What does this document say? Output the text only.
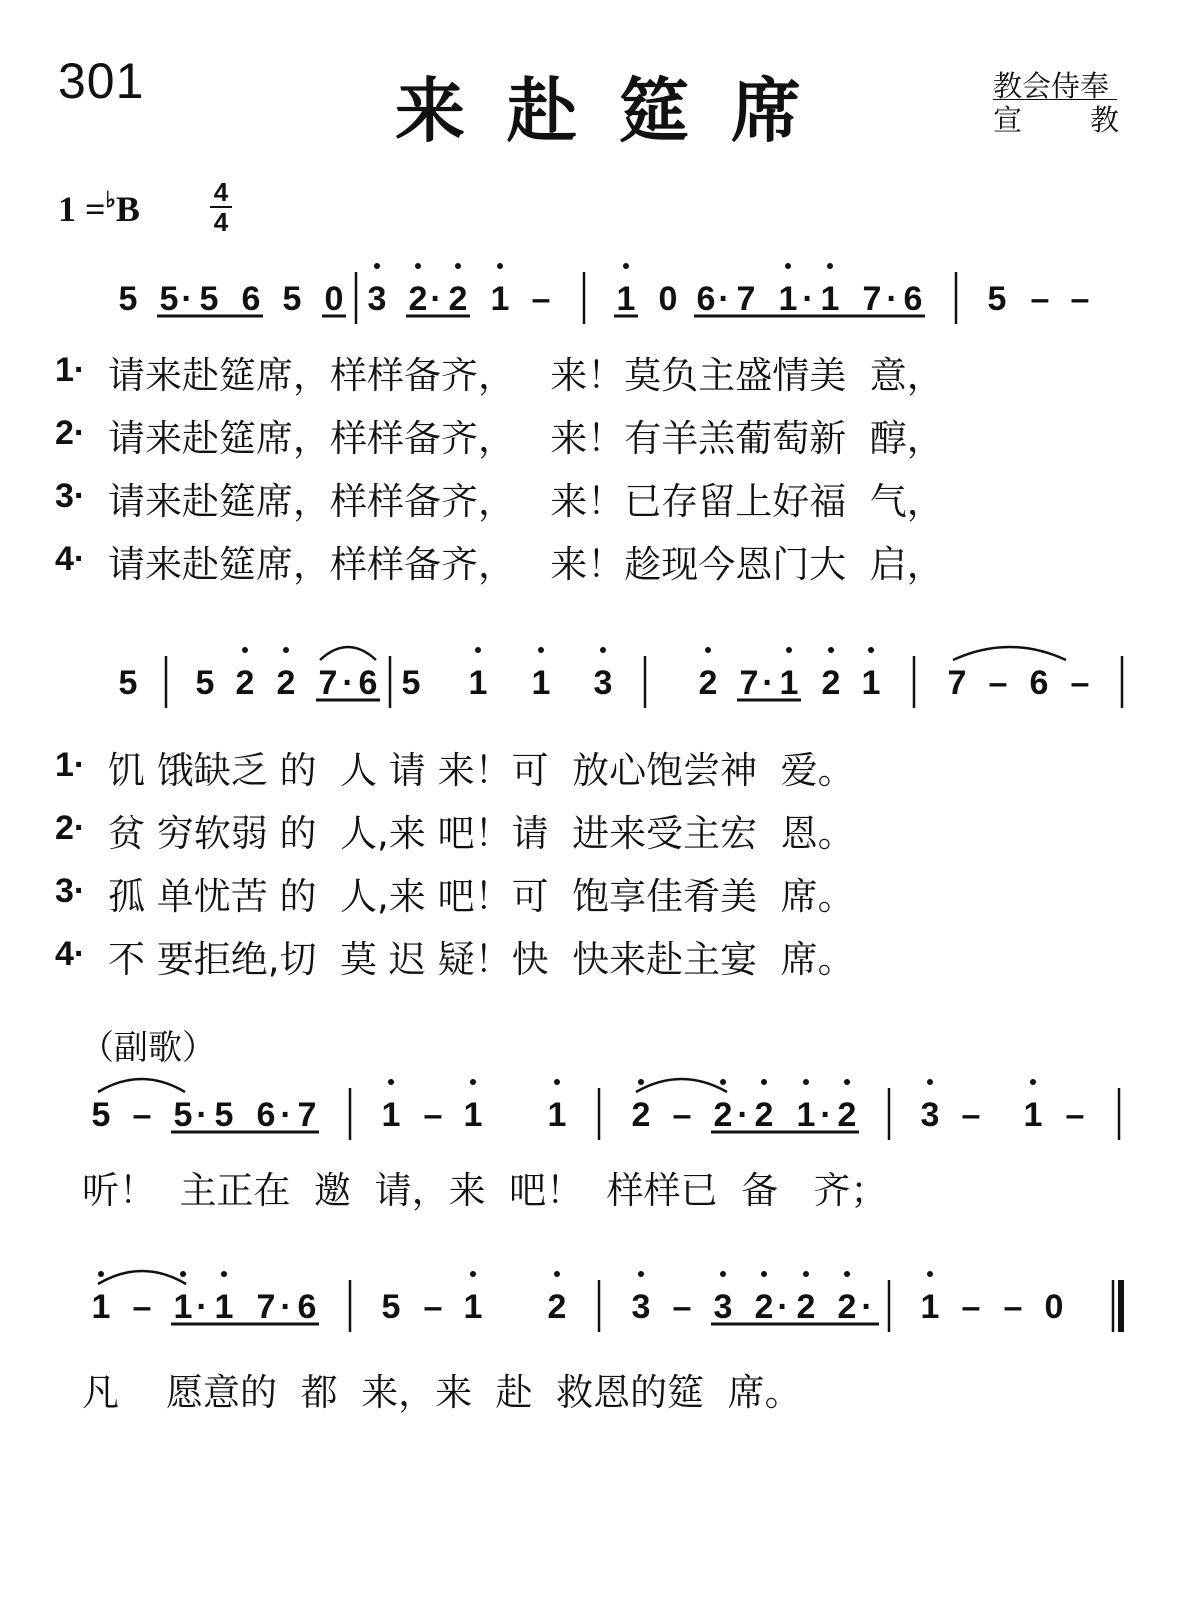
301	来赴筵席	教会侍奉
宣 教
1 =♭B	4
4
5 5 · 5 6 5 0 3 2 · 2 1 – 1 0 6 · 7 1 · 1 7 · 6 5 – –
5 5 2 2 7 · 6 5 1 1 3	2 7 · 1 2 1 7 – 6 –
5 – 5 · 5 6 · 7 1 – 1 1 2 – 2 · 2 1 · 2 3 – 1 –
1 – 1 · 1 7 · 6 5 – 1 2 3 – 3 2 · 2 2 · 1 – – 0
1· 请来赴筵席，样样备齐，   来！莫负主盛情美  意，
2· 请来赴筵席，样样备齐，   来！有羊羔葡萄新  醇，
3· 请来赴筵席，样样备齐，   来！已存留上好福  气，
4· 请来赴筵席，样样备齐，   来！趁现今恩门大  启，
1· 饥 饿缺乏 的  人 请 来！可  放心饱尝神  爱。
2· 贫 穷软弱 的  人,来 吧！请  进来受主宏  恩。
3· 孤 单忧苦 的  人,来 吧！可  饱享佳肴美  席。
4· 不 要拒绝,切  莫 迟 疑！快  快来赴主宴  席。
（副歌）
听！  主正在  邀  请，来  吧！  样样已  备   齐；
凡    愿意的  都  来，来  赴  救恩的筵  席。
